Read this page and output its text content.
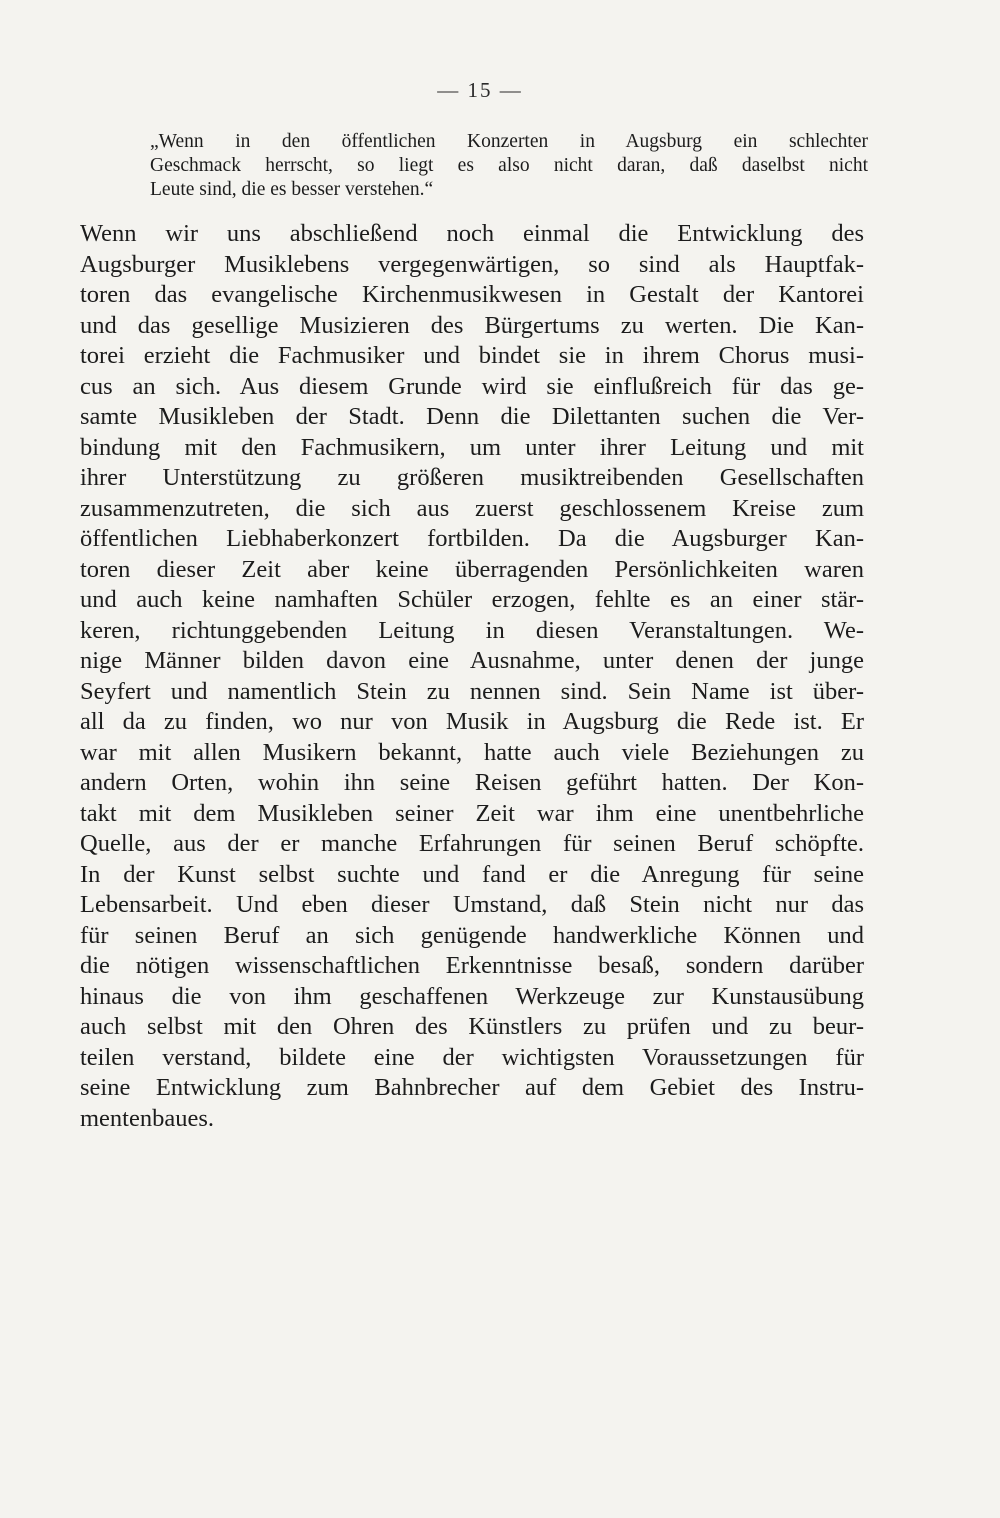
— 15 —
„Wenn in den öffentlichen Konzerten in Augsburg ein schlechter
Geschmack herrscht, so liegt es also nicht daran, daß daselbst nicht
Leute sind, die es besser verstehen.“
Wenn wir uns abschließend noch einmal die Entwicklung des
Augsburger Musiklebens vergegenwärtigen, so sind als Hauptfak-
toren das evangelische Kirchenmusikwesen in Gestalt der Kantorei
und das gesellige Musizieren des Bürgertums zu werten. Die Kan-
torei erzieht die Fachmusiker und bindet sie in ihrem Chorus musi-
cus an sich. Aus diesem Grunde wird sie einflußreich für das ge-
samte Musikleben der Stadt. Denn die Dilettanten suchen die Ver-
bindung mit den Fachmusikern, um unter ihrer Leitung und mit
ihrer Unterstützung zu größeren musiktreibenden Gesellschaften
zusammenzutreten, die sich aus zuerst geschlossenem Kreise zum
öffentlichen Liebhaberkonzert fortbilden. Da die Augsburger Kan-
toren dieser Zeit aber keine überragenden Persönlichkeiten waren
und auch keine namhaften Schüler erzogen, fehlte es an einer stär-
keren, richtunggebenden Leitung in diesen Veranstaltungen. We-
nige Männer bilden davon eine Ausnahme, unter denen der junge
Seyfert und namentlich Stein zu nennen sind. Sein Name ist über-
all da zu finden, wo nur von Musik in Augsburg die Rede ist. Er
war mit allen Musikern bekannt, hatte auch viele Beziehungen zu
andern Orten, wohin ihn seine Reisen geführt hatten. Der Kon-
takt mit dem Musikleben seiner Zeit war ihm eine unentbehrliche
Quelle, aus der er manche Erfahrungen für seinen Beruf schöpfte.
In der Kunst selbst suchte und fand er die Anregung für seine
Lebensarbeit. Und eben dieser Umstand, daß Stein nicht nur das
für seinen Beruf an sich genügende handwerkliche Können und
die nötigen wissenschaftlichen Erkenntnisse besaß, sondern darüber
hinaus die von ihm geschaffenen Werkzeuge zur Kunstausübung
auch selbst mit den Ohren des Künstlers zu prüfen und zu beur-
teilen verstand, bildete eine der wichtigsten Voraussetzungen für
seine Entwicklung zum Bahnbrecher auf dem Gebiet des Instru-
mentenbaues.
